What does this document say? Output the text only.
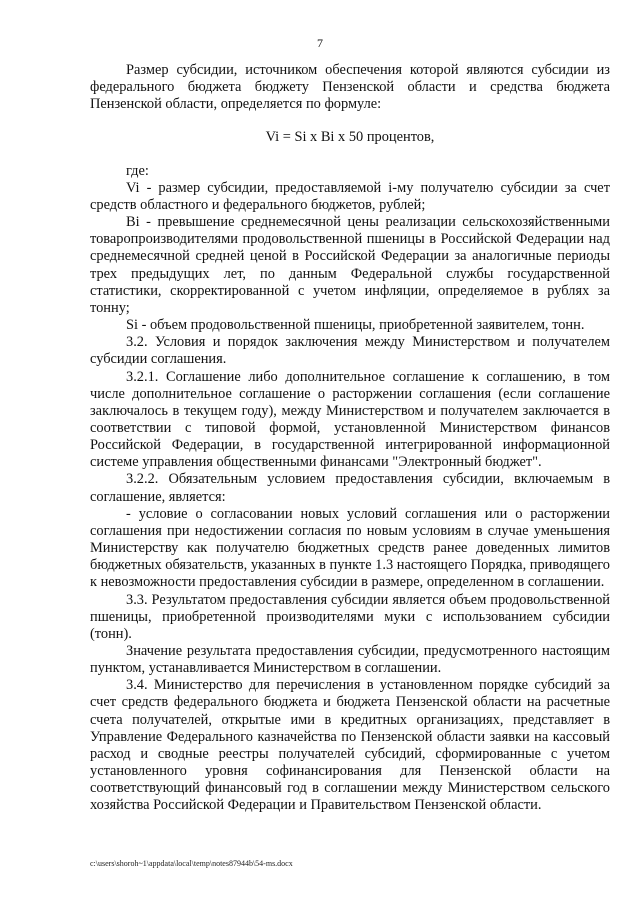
7

Размер субсидии, источником обеспечения которой являются субсидии из федерального бюджета бюджету Пензенской области и средства бюджета Пензенской области, определяется по формуле:

Vi = Si x Bi x 50 процентов,

где:

Vi - размер субсидии, предоставляемой i-му получателю субсидии за счет средств областного и федерального бюджетов, рублей;

Bi - превышение среднемесячной цены реализации сельскохозяйственными товаропроизводителями продовольственной пшеницы в Российской Федерации над среднемесячной средней ценой в Российской Федерации за аналогичные периоды трех предыдущих лет, по данным Федеральной службы государственной статистики, скорректированной с учетом инфляции, определяемое в рублях за тонну;

Si - объем продовольственной пшеницы, приобретенной заявителем, тонн.

3.2. Условия и порядок заключения между Министерством и получателем субсидии соглашения.

3.2.1. Соглашение либо дополнительное соглашение к соглашению, в том числе дополнительное соглашение о расторжении соглашения (если соглашение заключалось в текущем году), между Министерством и получателем заключается в соответствии с типовой формой, установленной Министерством финансов Российской Федерации, в государственной интегрированной информационной системе управления общественными финансами "Электронный бюджет".

3.2.2. Обязательным условием предоставления субсидии, включаемым в соглашение, является:

- условие о согласовании новых условий соглашения или о расторжении соглашения при недостижении согласия по новым условиям в случае уменьшения Министерству как получателю бюджетных средств ранее доведенных лимитов бюджетных обязательств, указанных в пункте 1.3 настоящего Порядка, приводящего к невозможности предоставления субсидии в размере, определенном в соглашении.

3.3. Результатом предоставления субсидии является объем продовольственной пшеницы, приобретенной производителями муки с использованием субсидии (тонн).

Значение результата предоставления субсидии, предусмотренного настоящим пунктом, устанавливается Министерством в соглашении.

3.4. Министерство для перечисления в установленном порядке субсидий за счет средств федерального бюджета и бюджета Пензенской области на расчетные счета получателей, открытые ими в кредитных организациях, представляет в Управление Федерального казначейства по Пензенской области заявки на кассовый расход и сводные реестры получателей субсидий, сформированные с учетом установленного уровня софинансирования для Пензенской области на соответствующий финансовый год в соглашении между Министерством сельского хозяйства Российской Федерации и Правительством Пензенской области.

c:\users\shoroh~1\appdata\local\temp\notes87944b\54-ms.docx
